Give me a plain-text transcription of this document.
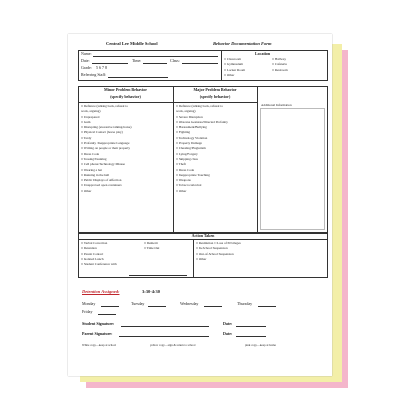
Central Lee Middle School	Behavior Documentation Form
Name:
Date:	Time:	Class:
Grade: 5 6 7 8
Referring Staff:
Location
□ Classroom
□ Gymnasium
□ Locker Room
□ Other
□ Hallway
□ Cafeteria
□ Restroom
Minor Problem Behavior
(specify behavior)
Major Problem Behavior
(specify behavior)
Additional Information
□ Defiance (talking back, refusal to
work, arguing)
□ Unprepared
□ Gum
□ Disrupting (excessive talking/noise)
□ Physical Contact (horse play)
□ Tardy
□ Profanity /Inappropriate Language
□ Writing on people or their property
□ Dress Code
□ Teasing/Taunting
□ Cell phone/Technology Misuse
□ Wearing a hat
□ Running in the hall
□ Public Displays of Affection
□ Unapproved open containers
□ Other
□ Defiance (talking back, refusal to
work, arguing)
□ Severe Disruption
□ Obscene Gestures/Directed Profanity
□ Harassment/Bullying
□ Fighting
□ Technology Violation
□ Property Damage
□ Cheating/Plagiarism
□ Lying/Forgery
□ Skipping class
□ Theft
□ Dress Code
□ Inappropriate Touching
□ Weapons
□ Tobacco/Alcohol
□ Other
Action Taken
□ Verbal Correction
□ Detention
□ Parent Contact
□ Isolated Lunch
□ Student Conference with
□ Demerit
□ Time Out
□ Restitution □ Loss of Privileges
□ In-School Suspension
□ Out-of-School Suspension
□ Other
Detention Assigned:	3:30-4:30
Monday	Tuesday	Wednesday	Thursday
Friday
Student Signature:	Date:
Parent Signature:	Date:
White copy—keep at school	yellow copy—sign & return to school	pink copy—keep at home
